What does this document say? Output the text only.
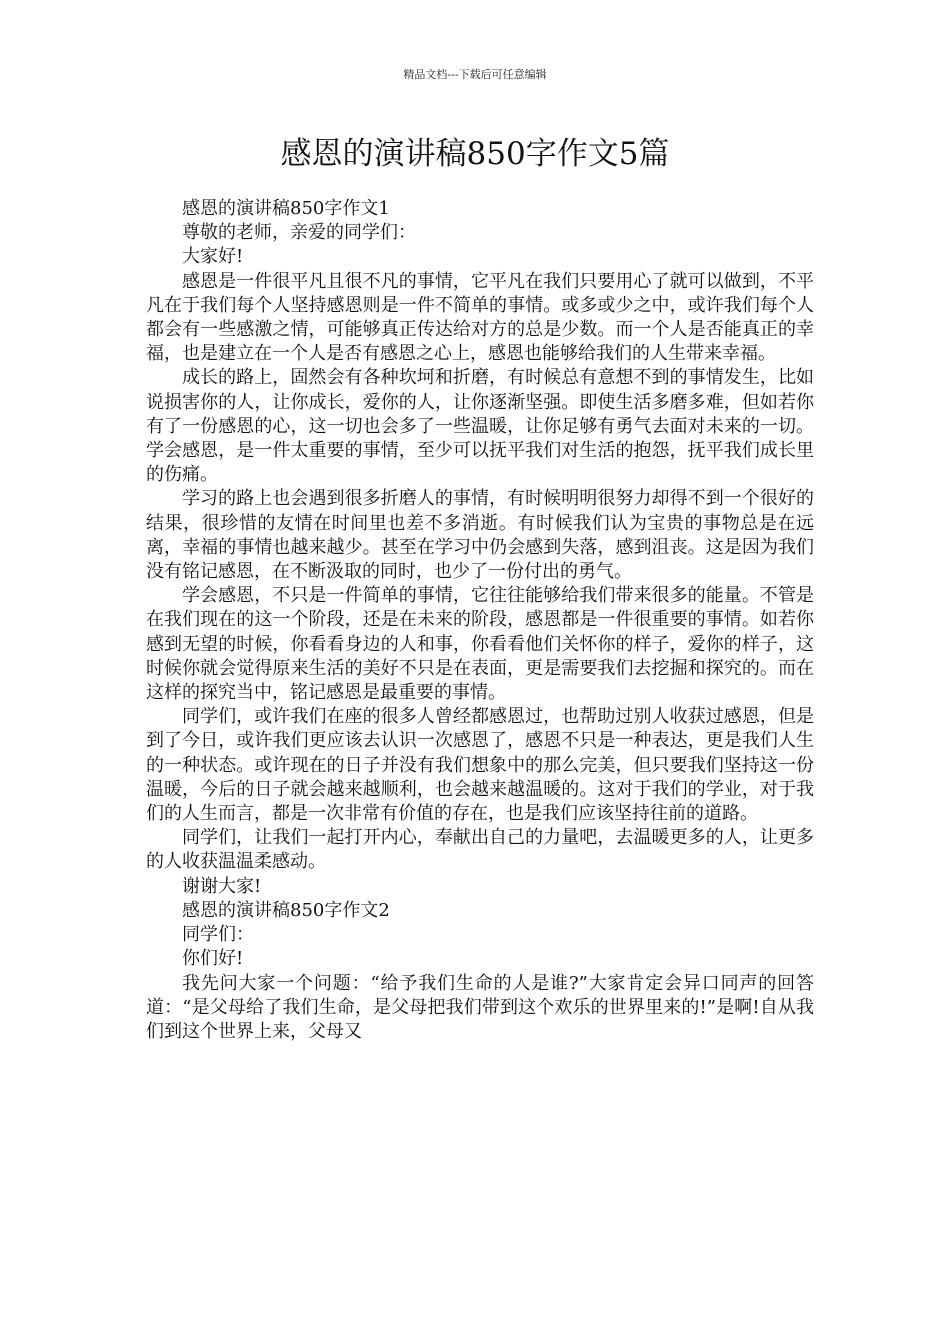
精品文档---下载后可任意编辑
感恩的演讲稿850字作文5篇

感恩的演讲稿850字作文1

尊敬的老师，亲爱的同学们：

大家好!

感恩是一件很平凡且很不凡的事情，它平凡在我们只要用心了就可以做到，不平凡在于我们每个人坚持感恩则是一件不简单的事情。或多或少之中，或许我们每个人都会有一些感激之情，可能够真正传达给对方的总是少数。而一个人是否能真正的幸福，也是建立在一个人是否有感恩之心上，感恩也能够给我们的人生带来幸福。

成长的路上，固然会有各种坎坷和折磨，有时候总有意想不到的事情发生，比如说损害你的人，让你成长，爱你的人，让你逐渐坚强。即使生活多磨多难，但如若你有了一份感恩的心，这一切也会多了一些温暖，让你足够有勇气去面对未来的一切。学会感恩，是一件太重要的事情，至少可以抚平我们对生活的抱怨，抚平我们成长里的伤痛。

学习的路上也会遇到很多折磨人的事情，有时候明明很努力却得不到一个很好的结果，很珍惜的友情在时间里也差不多消逝。有时候我们认为宝贵的事物总是在远离，幸福的事情也越来越少。甚至在学习中仍会感到失落，感到沮丧。这是因为我们没有铭记感恩，在不断汲取的同时，也少了一份付出的勇气。

学会感恩，不只是一件简单的事情，它往往能够给我们带来很多的能量。不管是在我们现在的这一个阶段，还是在未来的阶段，感恩都是一件很重要的事情。如若你感到无望的时候，你看看身边的人和事，你看看他们关怀你的样子，爱你的样子，这时候你就会觉得原来生活的美好不只是在表面，更是需要我们去挖掘和探究的。而在这样的探究当中，铭记感恩是最重要的事情。

同学们，或许我们在座的很多人曾经都感恩过，也帮助过别人收获过感恩，但是到了今日，或许我们更应该去认识一次感恩了，感恩不只是一种表达，更是我们人生的一种状态。或许现在的日子并没有我们想象中的那么完美，但只要我们坚持这一份温暖，今后的日子就会越来越顺利，也会越来越温暖的。这对于我们的学业，对于我们的人生而言，都是一次非常有价值的存在，也是我们应该坚持往前的道路。

同学们，让我们一起打开内心，奉献出自己的力量吧，去温暖更多的人，让更多的人收获温温柔感动。

谢谢大家!

感恩的演讲稿850字作文2

同学们：

你们好!

我先问大家一个问题：“给予我们生命的人是谁?”大家肯定会异口同声的回答道：“是父母给了我们生命，是父母把我们带到这个欢乐的世界里来的!”是啊!自从我们到这个世界上来，父母又
